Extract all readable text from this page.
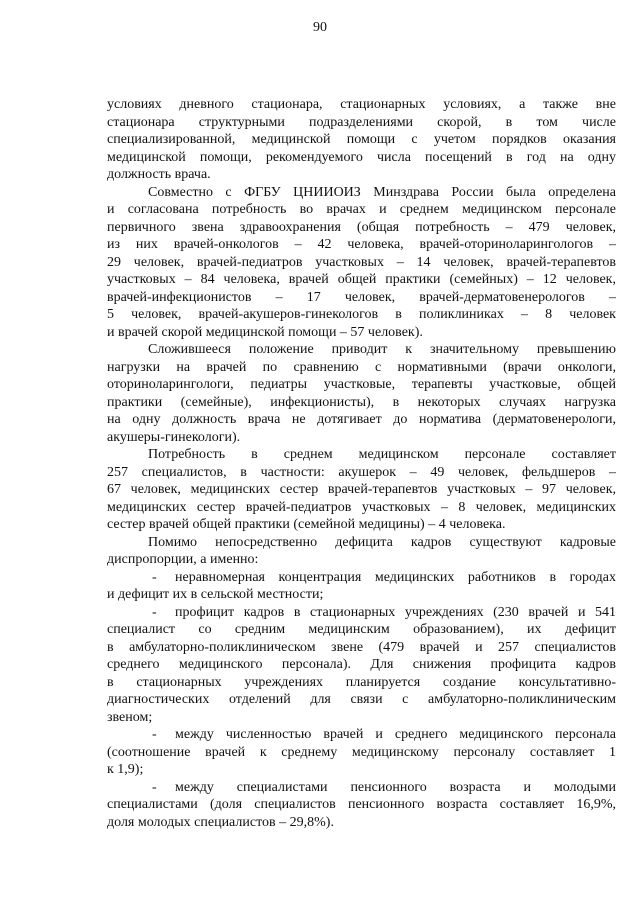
90
условиях дневного стационара, стационарных условиях, а также вне
стационара структурными подразделениями скорой, в том числе
специализированной, медицинской помощи с учетом порядков оказания
медицинской помощи, рекомендуемого числа посещений в год на одну
должность врача.
Совместно с ФГБУ ЦНИИОИЗ Минздрава России была определена
и согласована потребность во врачах и среднем медицинском персонале
первичного звена здравоохранения (общая потребность – 479 человек,
из них врачей-онкологов – 42 человека, врачей-оториноларингологов –
29 человек, врачей-педиатров участковых – 14 человек, врачей-терапевтов
участковых – 84 человека, врачей общей практики (семейных) – 12 человек,
врачей-инфекционистов – 17 человек, врачей-дерматовенерологов –
5 человек, врачей-акушеров-гинекологов в поликлиниках – 8 человек
и врачей скорой медицинской помощи – 57 человек).
Сложившееся положение приводит к значительному превышению
нагрузки на врачей по сравнению с нормативными (врачи онкологи,
оториноларингологи, педиатры участковые, терапевты участковые, общей
практики (семейные), инфекционисты), в некоторых случаях нагрузка
на одну должность врача не дотягивает до норматива (дерматовенерологи,
акушеры-гинекологи).
Потребность в среднем медицинском персонале составляет
257 специалистов, в частности: акушерок – 49 человек, фельдшеров –
67 человек, медицинских сестер врачей-терапевтов участковых – 97 человек,
медицинских сестер врачей-педиатров участковых – 8 человек, медицинских
сестер врачей общей практики (семейной медицины) – 4 человека.
Помимо непосредственно дефицита кадров существуют кадровые
диспропорции, а именно:
- неравномерная концентрация медицинских работников в городах
и дефицит их в сельской местности;
- профицит кадров в стационарных учреждениях (230 врачей и 541
специалист со средним медицинским образованием), их дефицит
в амбулаторно-поликлиническом звене (479 врачей и 257 специалистов
среднего медицинского персонала). Для снижения профицита кадров
в стационарных учреждениях планируется создание консультативно-
диагностических отделений для связи с амбулаторно-поликлиническим
звеном;
- между численностью врачей и среднего медицинского персонала
(соотношение врачей к среднему медицинскому персоналу составляет 1
к 1,9);
- между специалистами пенсионного возраста и молодыми
специалистами (доля специалистов пенсионного возраста составляет 16,9%,
доля молодых специалистов – 29,8%).
